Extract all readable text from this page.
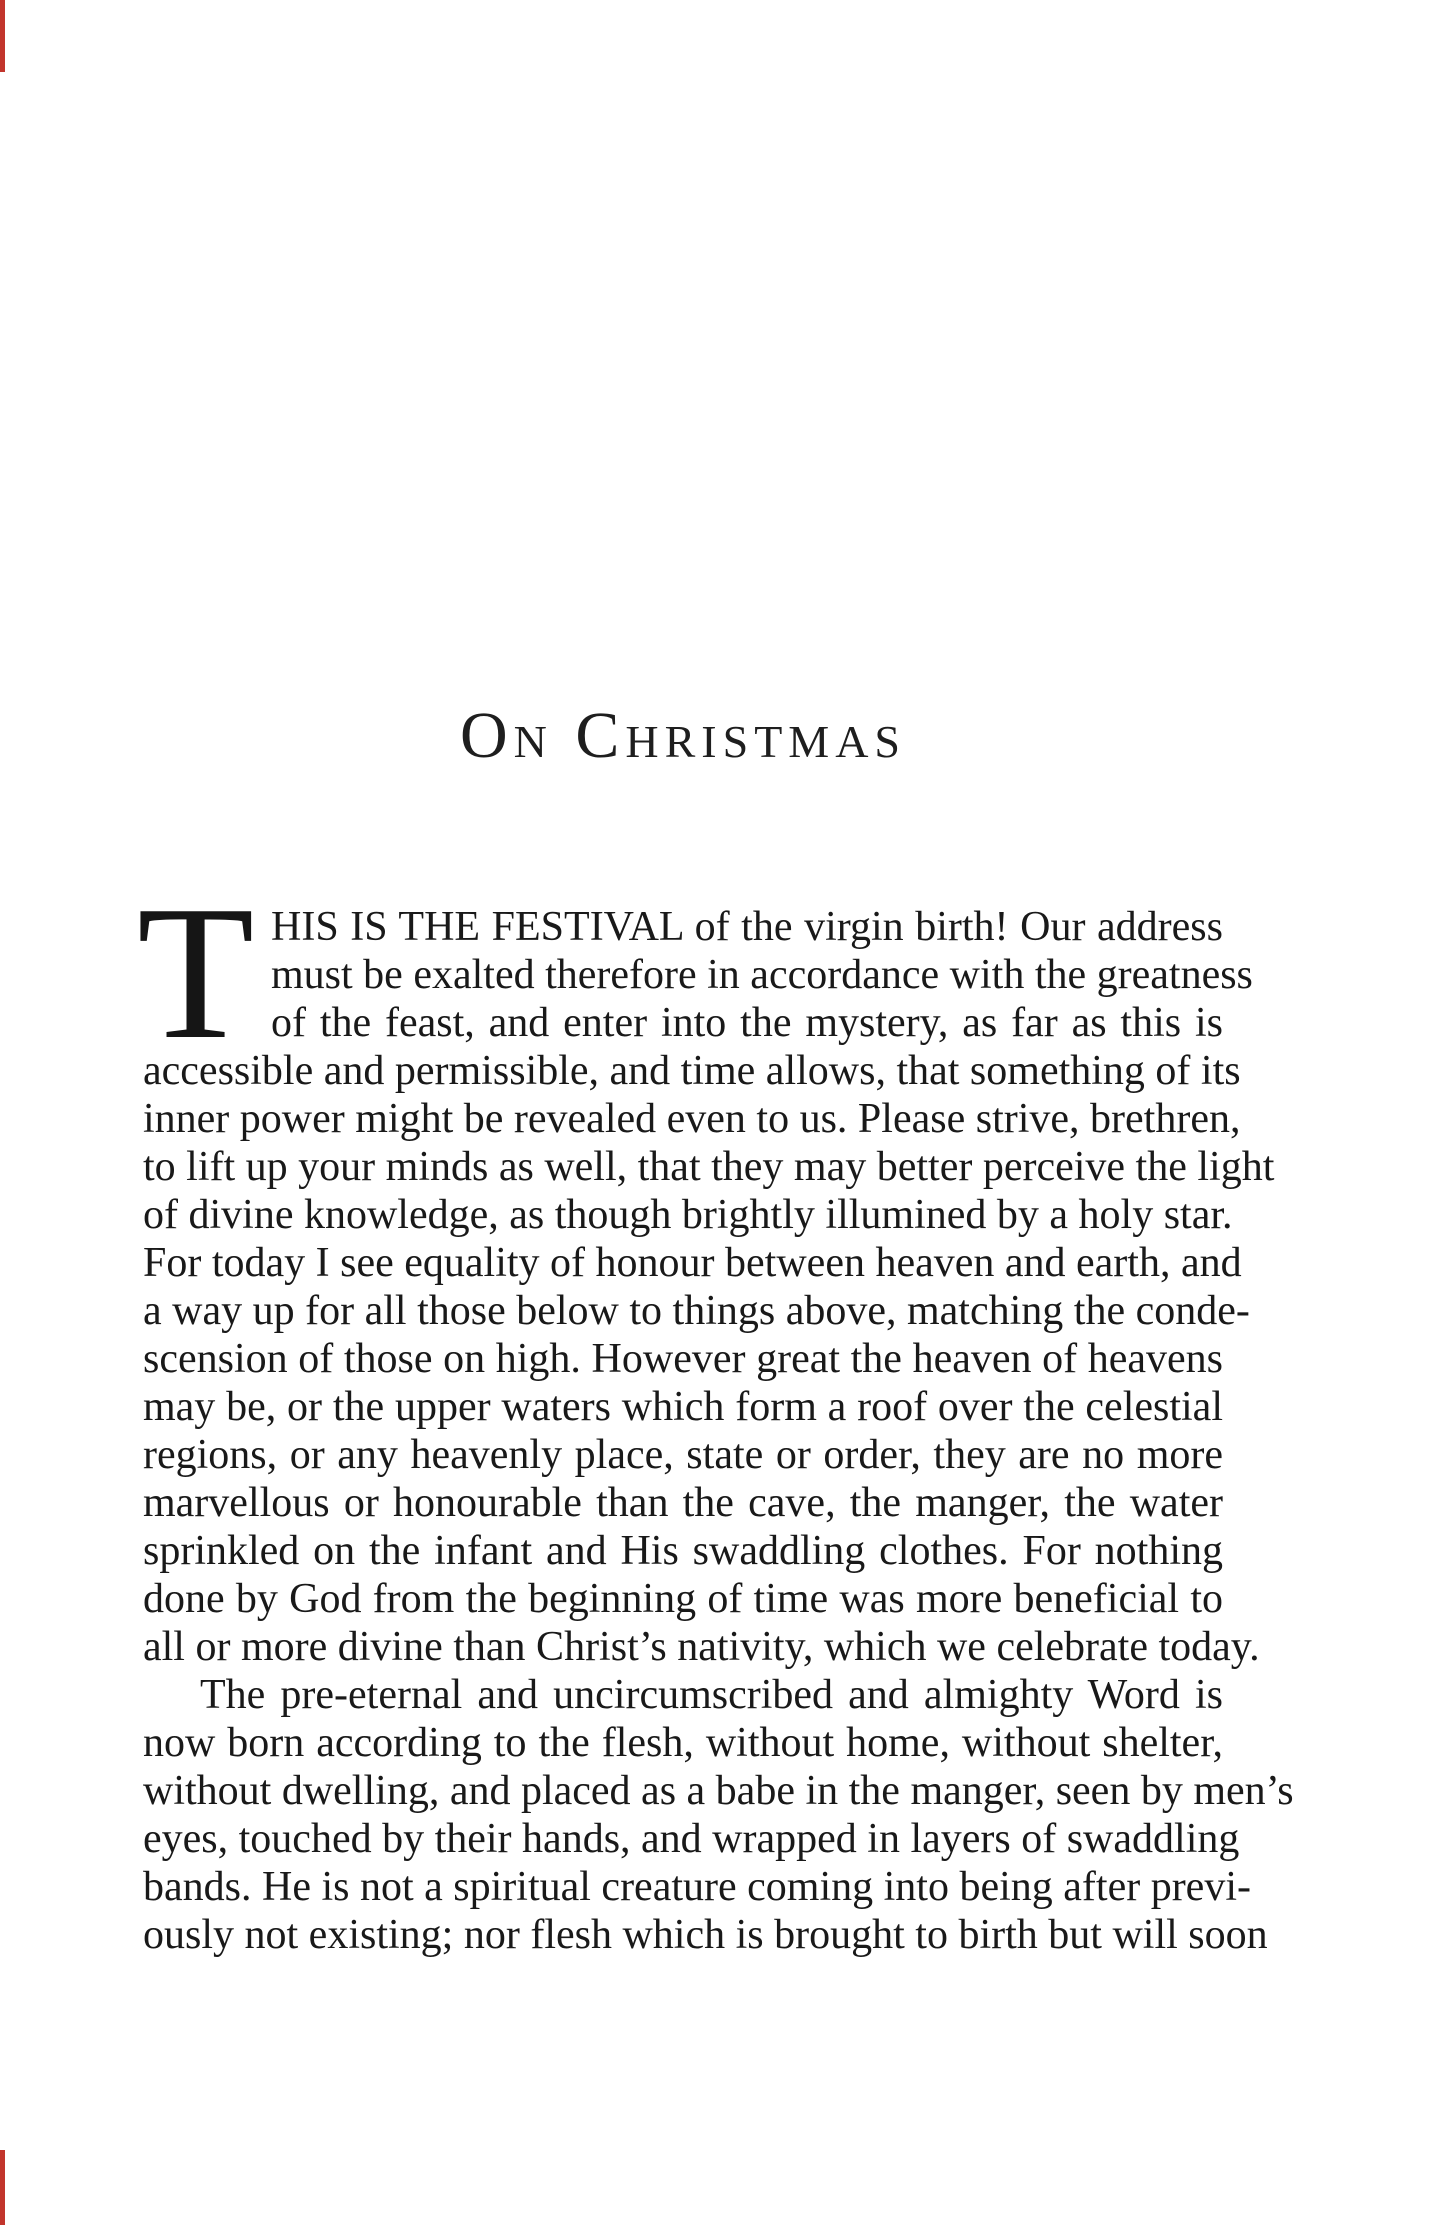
On Christmas
T HIS IS THE FESTIVAL of the virgin birth! Our address
must be exalted therefore in accordance with the greatness
of the feast, and enter into the mystery, as far as this is
accessible and permissible, and time allows, that something of its
inner power might be revealed even to us. Please strive, brethren,
to lift up your minds as well, that they may better perceive the light
of divine knowledge, as though brightly illumined by a holy star.
For today I see equality of honour between heaven and earth, and
a way up for all those below to things above, matching the conde-
scension of those on high. However great the heaven of heavens
may be, or the upper waters which form a roof over the celestial
regions, or any heavenly place, state or order, they are no more
marvellous or honourable than the cave, the manger, the water
sprinkled on the infant and His swaddling clothes. For nothing
done by God from the beginning of time was more beneficial to
all or more divine than Christ’s nativity, which we celebrate today.
The pre-eternal and uncircumscribed and almighty Word is
now born according to the flesh, without home, without shelter,
without dwelling, and placed as a babe in the manger, seen by men’s
eyes, touched by their hands, and wrapped in layers of swaddling
bands. He is not a spiritual creature coming into being after previ-
ously not existing; nor flesh which is brought to birth but will soon
